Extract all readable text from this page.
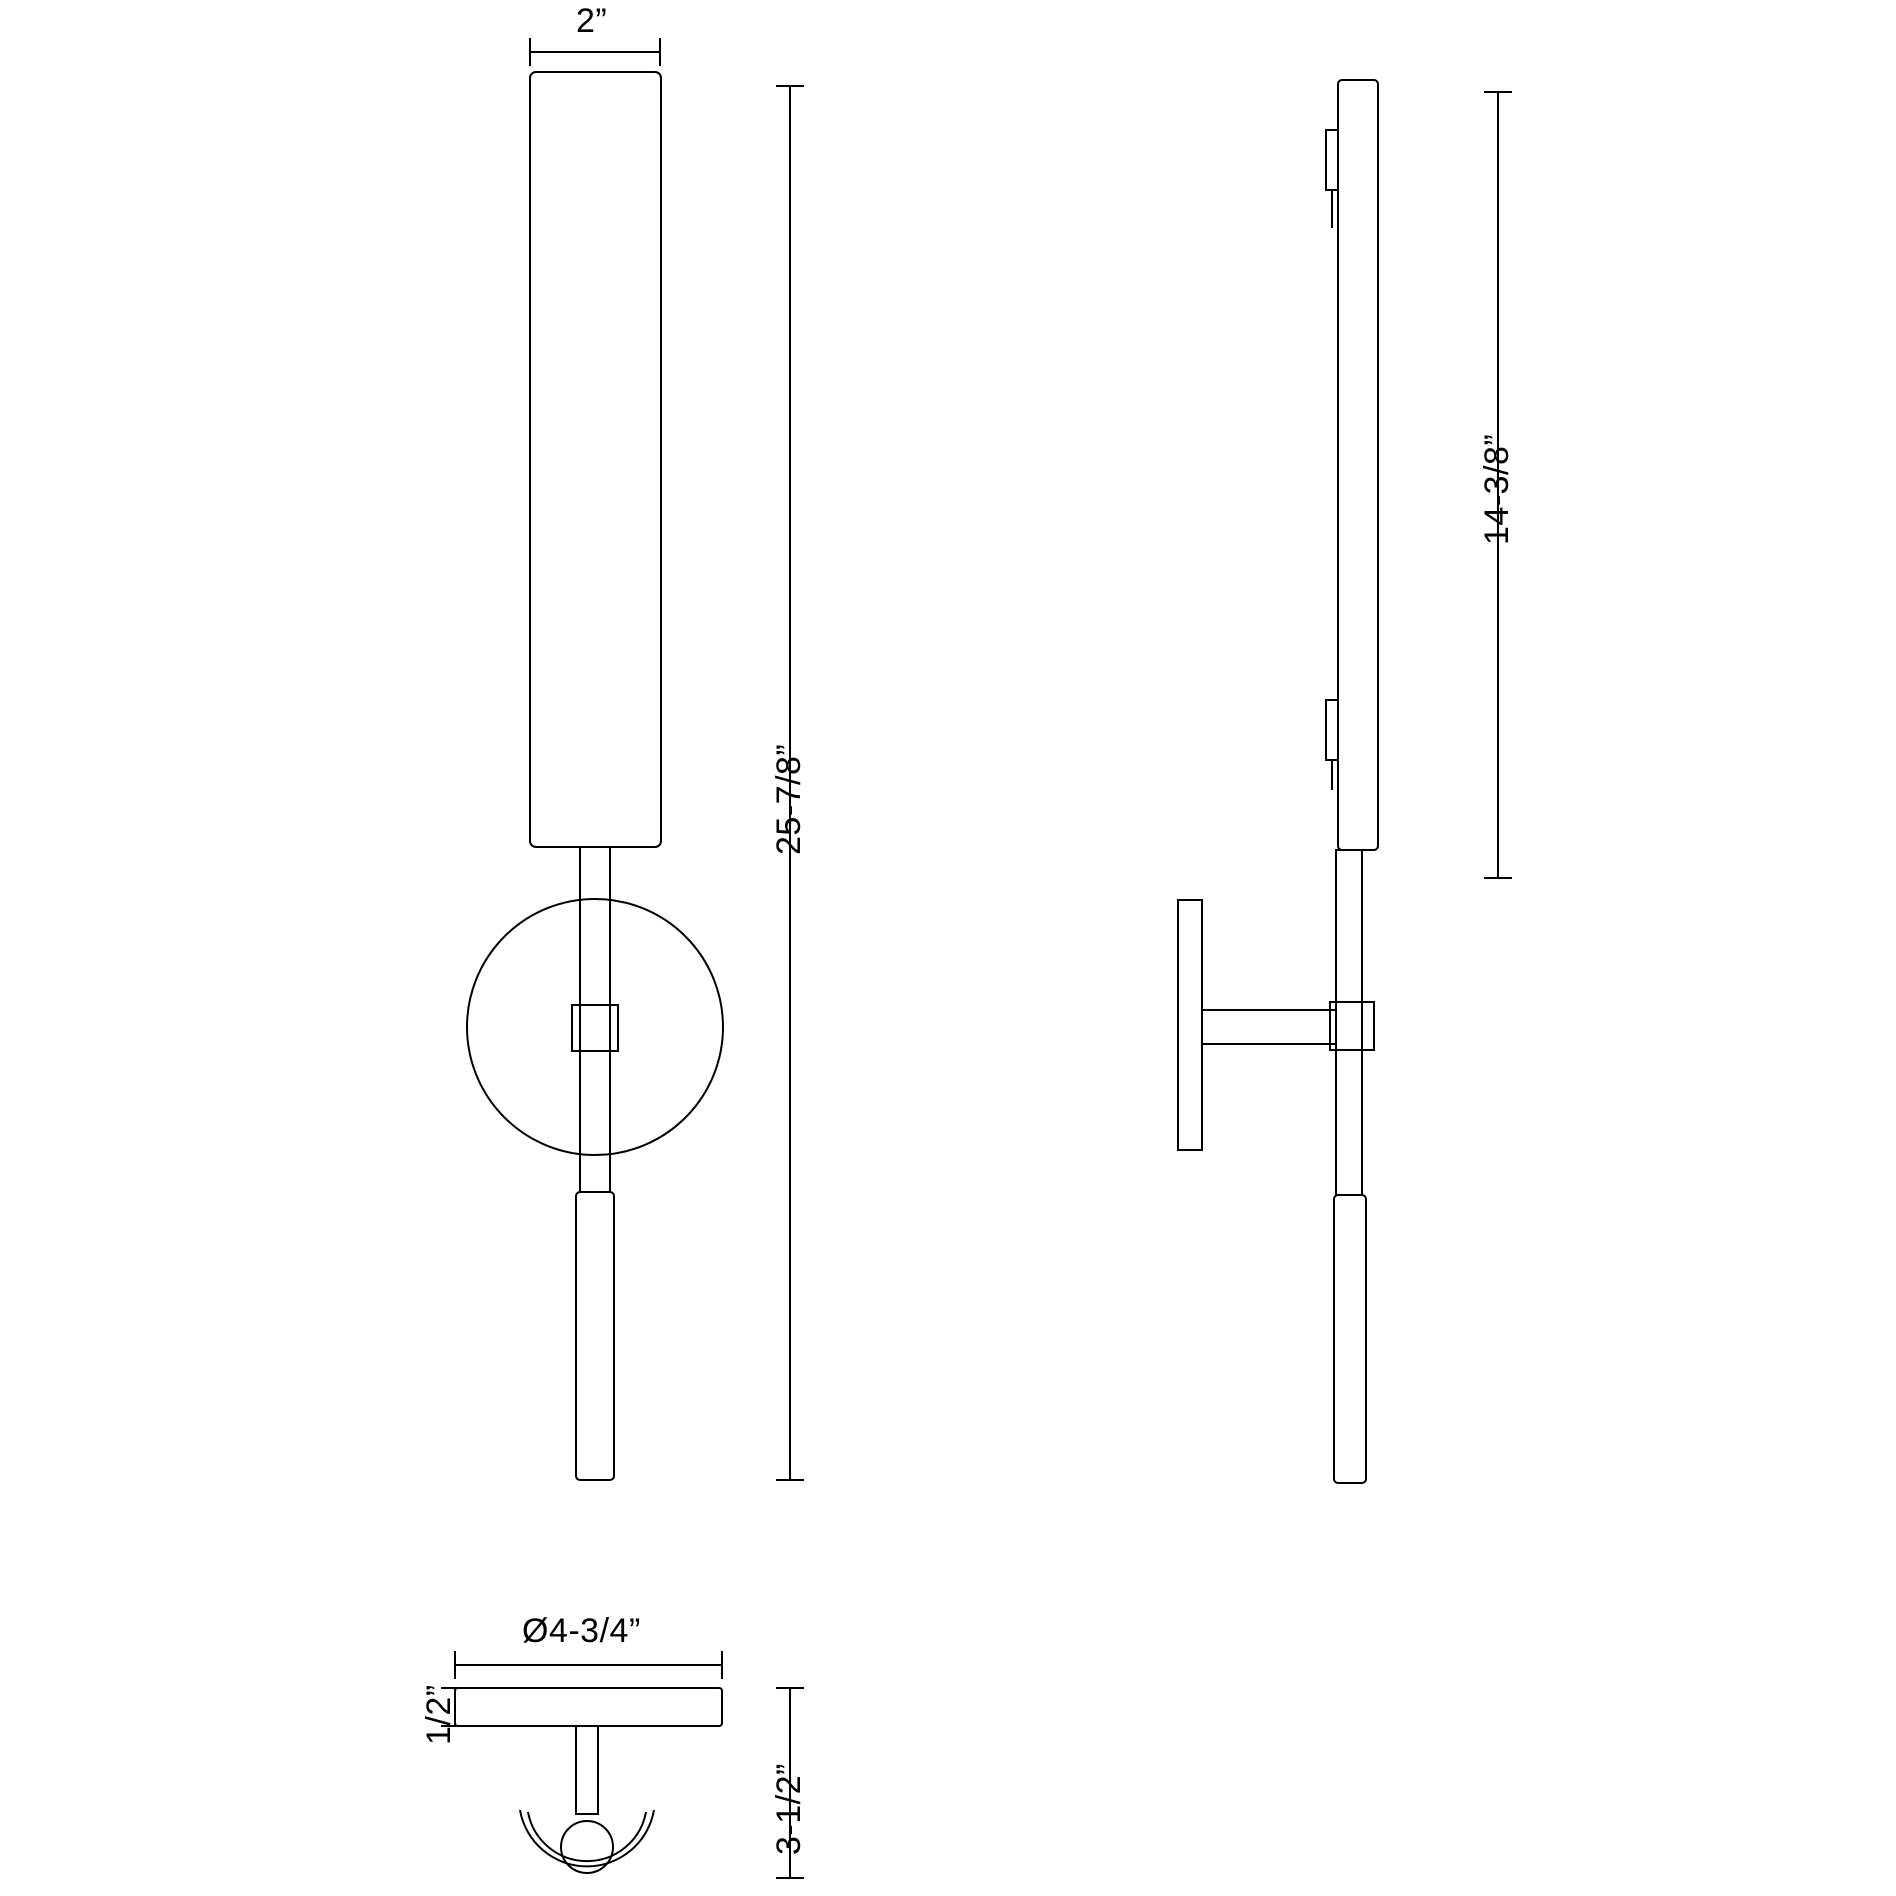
2”
25-7/8”
14-3/8”
Ø4-3/4”
1/2”
3-1/2”
